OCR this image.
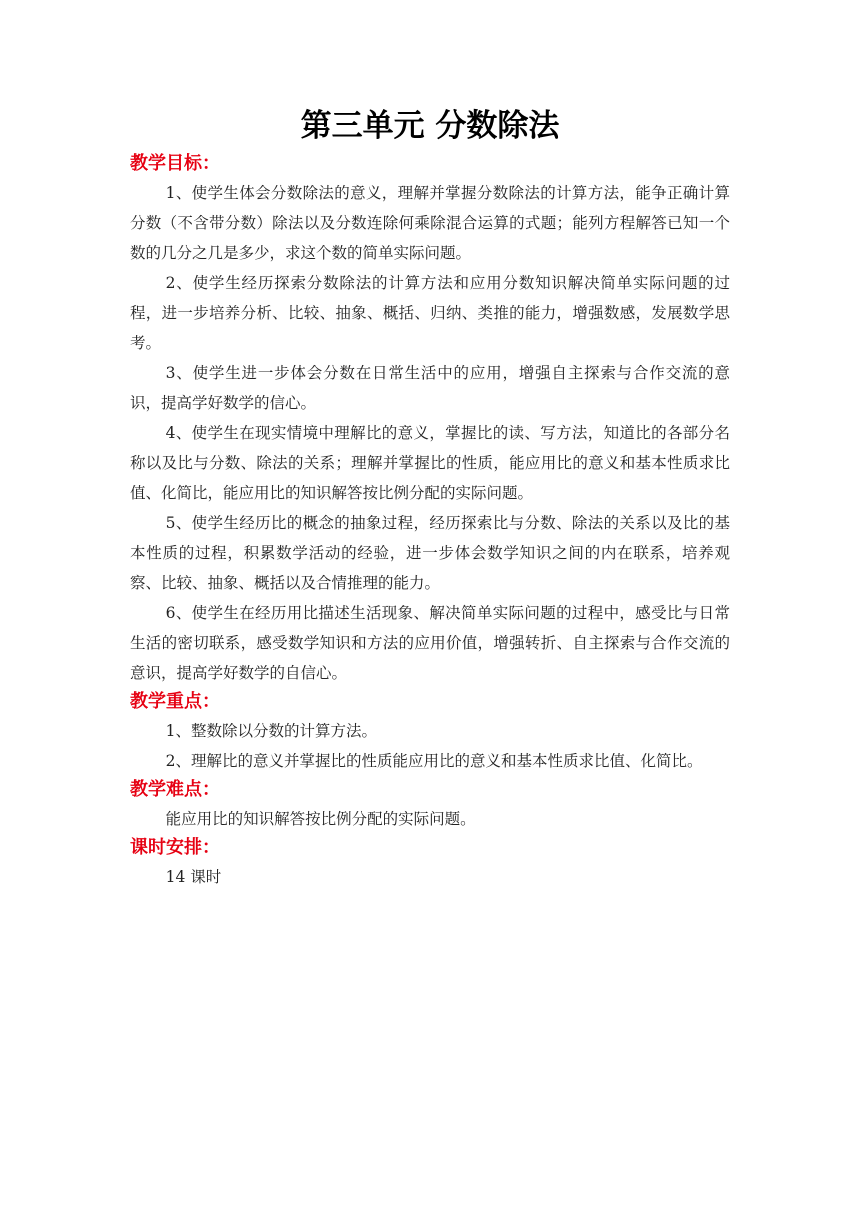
第三单元 分数除法
教学目标：

1、使学生体会分数除法的意义，理解并掌握分数除法的计算方法，能争正确计算分数（不含带分数）除法以及分数连除何乘除混合运算的式题；能列方程解答已知一个数的几分之几是多少，求这个数的简单实际问题。

2、使学生经历探索分数除法的计算方法和应用分数知识解决简单实际问题的过程，进一步培养分析、比较、抽象、概括、归纳、类推的能力，增强数感，发展数学思考。

3、使学生进一步体会分数在日常生活中的应用，增强自主探索与合作交流的意识，提高学好数学的信心。

4、使学生在现实情境中理解比的意义，掌握比的读、写方法，知道比的各部分名称以及比与分数、除法的关系；理解并掌握比的性质，能应用比的意义和基本性质求比值、化简比，能应用比的知识解答按比例分配的实际问题。

5、使学生经历比的概念的抽象过程，经历探索比与分数、除法的关系以及比的基本性质的过程，积累数学活动的经验，进一步体会数学知识之间的内在联系，培养观察、比较、抽象、概括以及合情推理的能力。

6、使学生在经历用比描述生活现象、解决简单实际问题的过程中，感受比与日常生活的密切联系，感受数学知识和方法的应用价值，增强转折、自主探索与合作交流的意识，提高学好数学的自信心。

教学重点：

1、整数除以分数的计算方法。

2、理解比的意义并掌握比的性质能应用比的意义和基本性质求比值、化简比。

教学难点：

能应用比的知识解答按比例分配的实际问题。

课时安排：

14 课时
